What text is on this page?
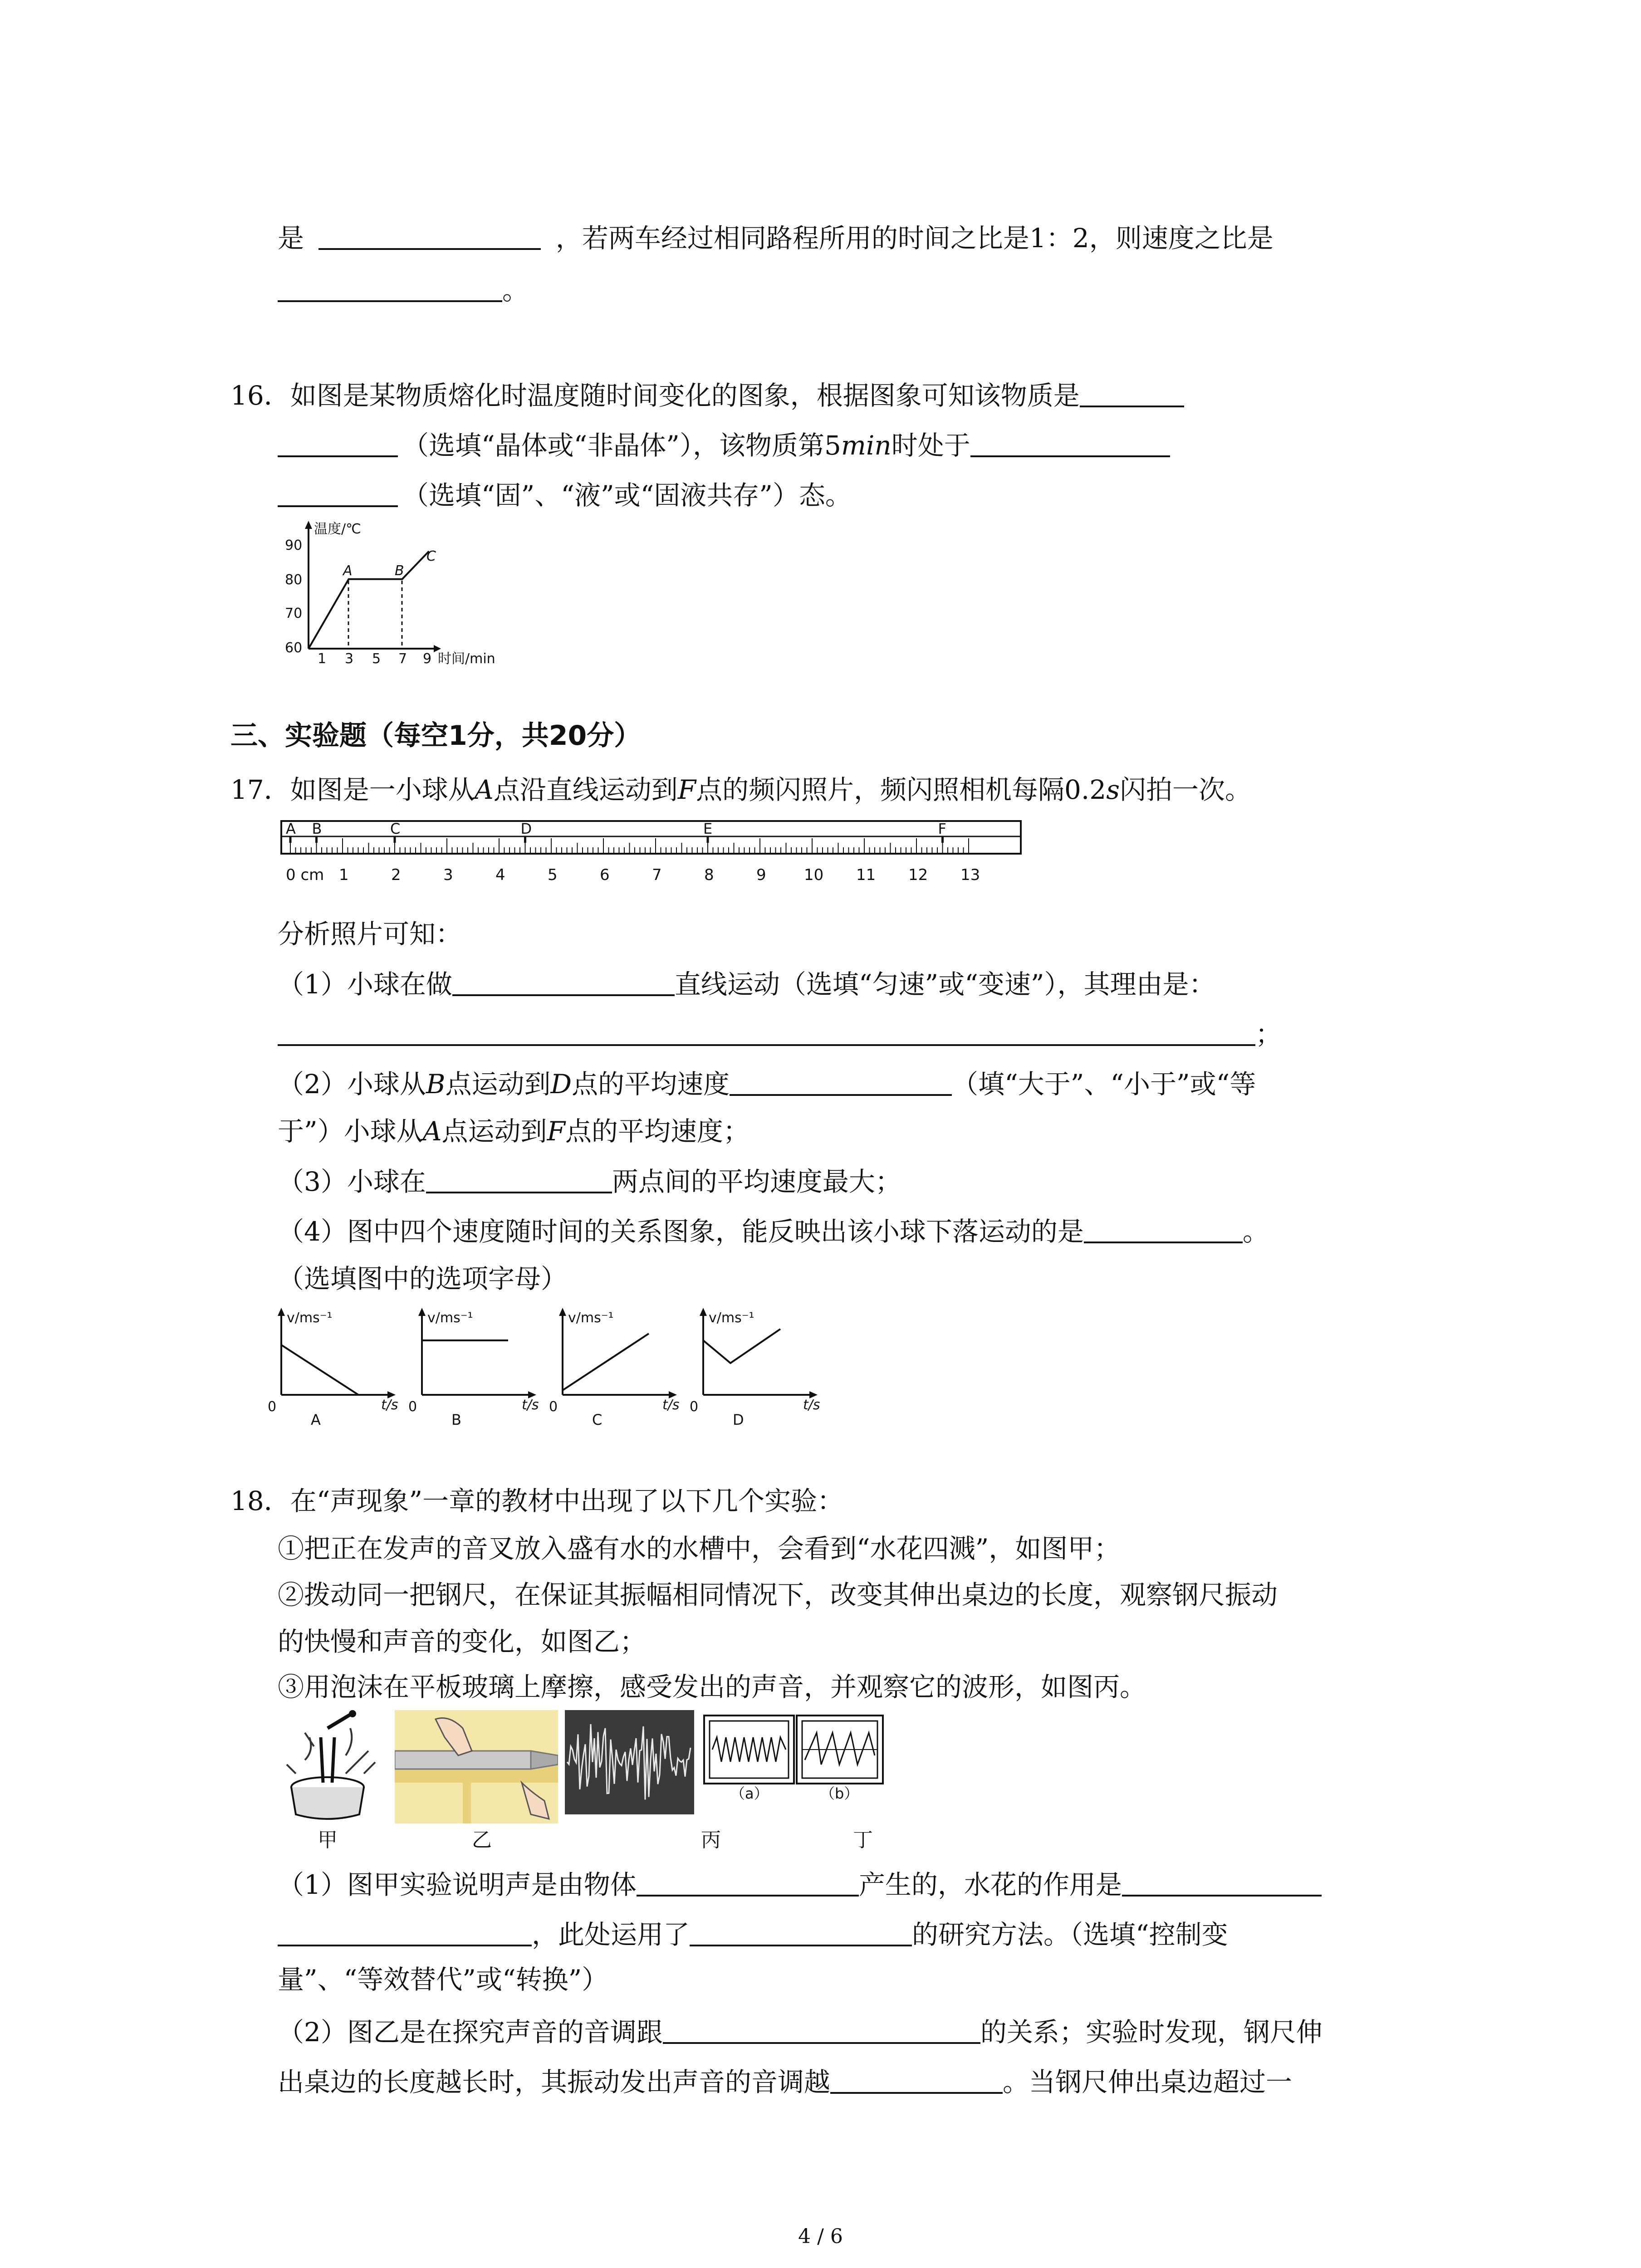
是	，若两车经过相同路程所用的时间之比是1：2，则速度之比是
。
16．如图是某物质熔化时温度随时间变化的图象，根据图象可知该物质是
（选填“晶体或“非晶体”），该物质第5min时处于
（选填“固”、“液”或“固液共存”）态。
温度/℃
时间/min
90
80
70
60
1 3 5 7 9
A	B
C
三、实验题（每空1分，共20分）
17．如图是一小球从A点沿直线运动到F点的频闪照片，频闪照相机每隔0.2s闪拍一次。
A B	C	D	E	F
0 cm 1	2	3	4	5	6	7	8	9 10 11 12 13
分析照片可知：
（1）小球在做	直线运动（选填“匀速”或“变速”），其理由是：
；
（2）小球从B点运动到D点的平均速度	（填“大于”、“小于”或“等
于”）小球从A点运动到F点的平均速度；
（3）小球在	两点间的平均速度最大；
（4）图中四个速度随时间的关系图象，能反映出该小球下落运动的是	。
（选填图中的选项字母）
v/ms⁻¹
t/s
0
A
v/ms⁻¹
t/s
0
B
v/ms⁻¹
t/s
0
C
v/ms⁻¹
t/s
0
D
18．在“声现象”一章的教材中出现了以下几个实验：
①把正在发声的音叉放入盛有水的水槽中，会看到“水花四溅”，如图甲；
②拨动同一把钢尺，在保证其振幅相同情况下，改变其伸出桌边的长度，观察钢尺振动
的快慢和声音的变化，如图乙；
③用泡沫在平板玻璃上摩擦，感受发出的声音，并观察它的波形，如图丙。
（a）	（b）
甲	乙	丙	丁
（1）图甲实验说明声是由物体	产生的，水花的作用是
，此处运用了	的研究方法。（选填“控制变
量”、“等效替代”或“转换”）
（2）图乙是在探究声音的音调跟	的关系；实验时发现，钢尺伸
出桌边的长度越长时，其振动发出声音的音调越	。当钢尺伸出桌边超过一
4 / 6
